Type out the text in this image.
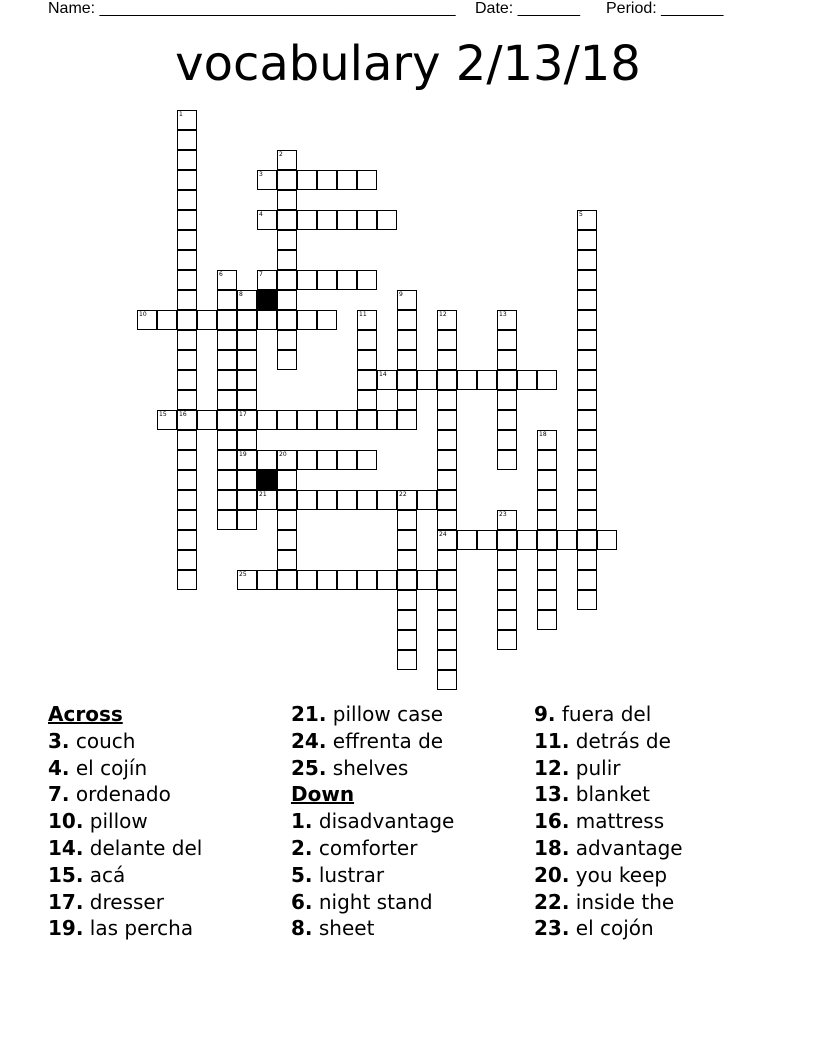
Name: ________________________________________ Date: _______ Period: _______
vocabulary 2/13/18
3
4
7
10
14
15 16	17
19	20
21	22
24
25
1
2
5
6
8	9
11	12	13
18
23
Across
3. couch
4. el cojín
7. ordenado
10. pillow
14. delante del
15. acá
17. dresser
19. las percha
21. pillow case
24. effrenta de
25. shelves
Down
1. disadvantage
2. comforter
5. lustrar
6. night stand
8. sheet
9. fuera del
11. detrás de
12. pulir
13. blanket
16. mattress
18. advantage
20. you keep
22. inside the
23. el cojón
